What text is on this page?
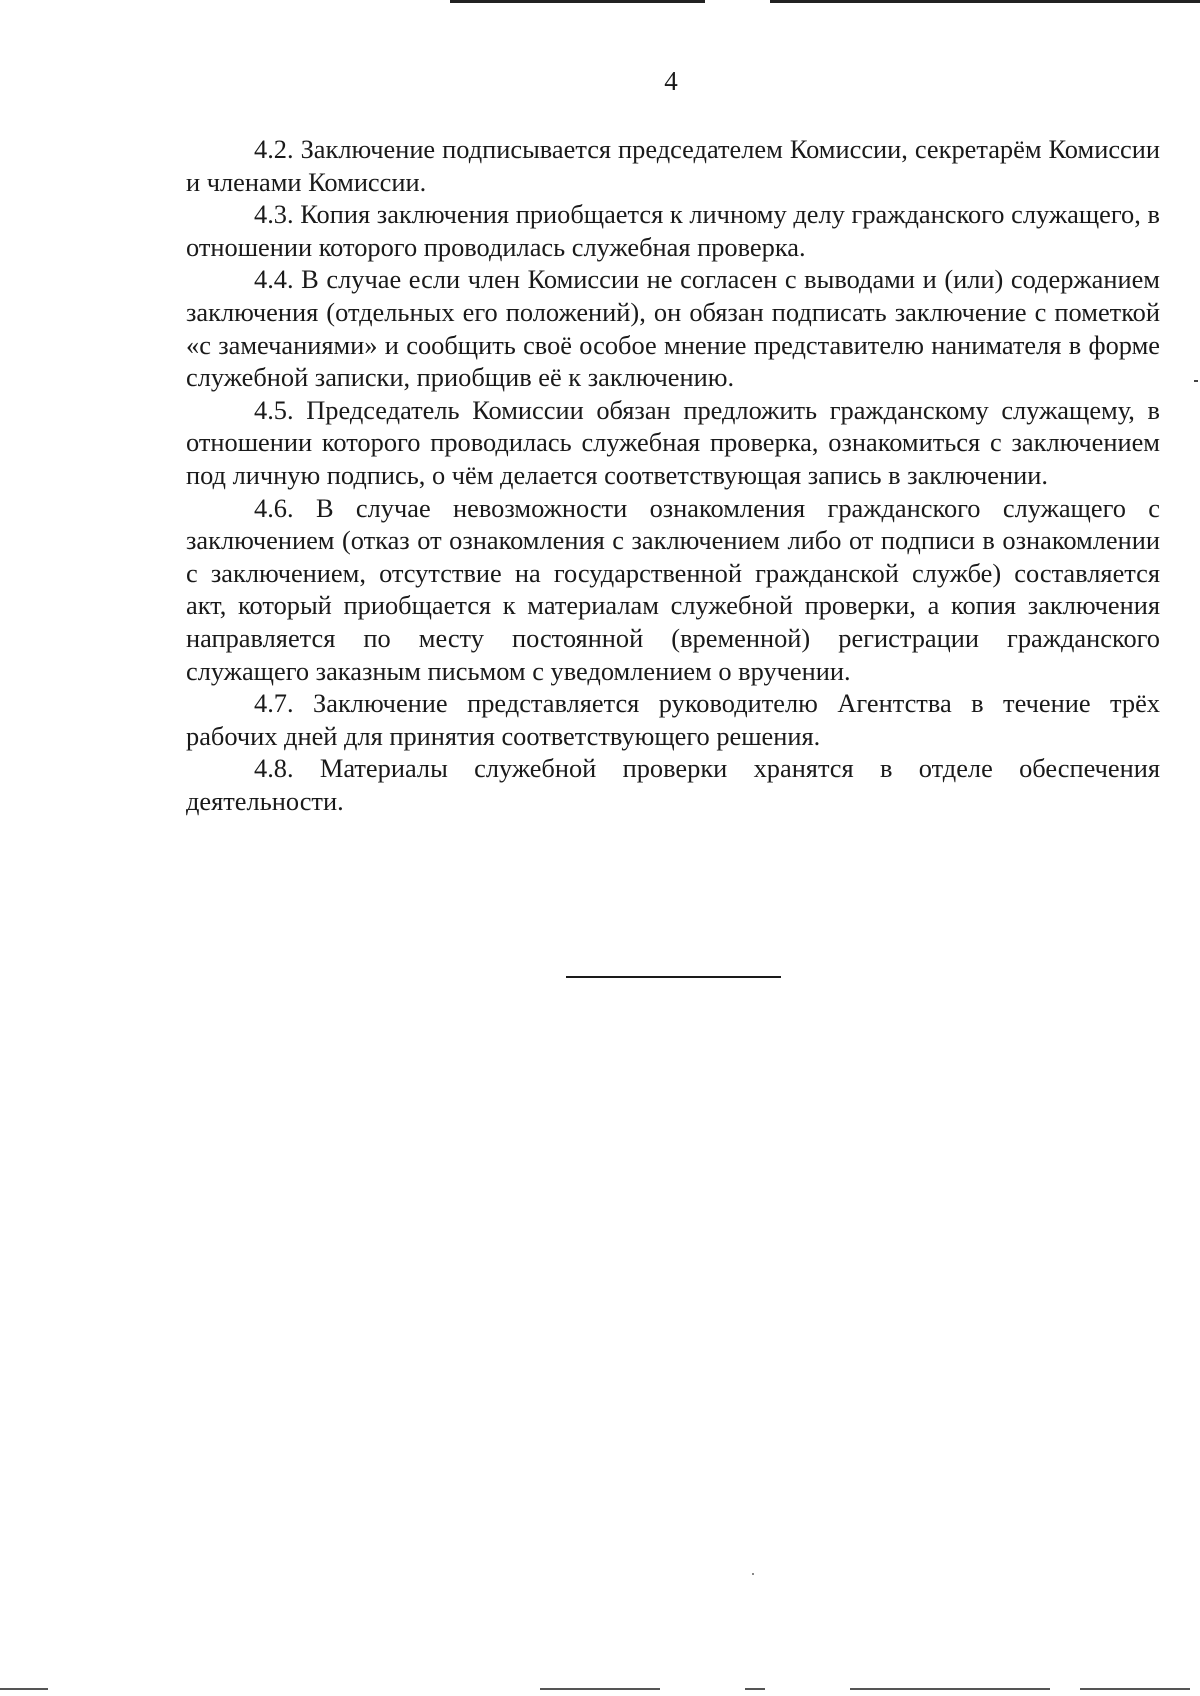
4

4.2. Заключение подписывается председателем Комиссии, секретарём Комиссии и членами Комиссии.

4.3. Копия заключения приобщается к личному делу гражданского служащего, в отношении которого проводилась служебная проверка.

4.4. В случае если член Комиссии не согласен с выводами и (или) содержанием заключения (отдельных его положений), он обязан подписать заключение с пометкой «с замечаниями» и сообщить своё особое мнение представителю нанимателя в форме служебной записки, приобщив её к заключению.

4.5. Председатель Комиссии обязан предложить гражданскому служащему, в отношении которого проводилась служебная проверка, ознакомиться с заключением под личную подпись, о чём делается соответствующая запись в заключении.

4.6. В случае невозможности ознакомления гражданского служащего с заключением (отказ от ознакомления с заключением либо от подписи в ознакомлении с заключением, отсутствие на государственной гражданской службе) составляется акт, который приобщается к материалам служебной проверки, а копия заключения направляется по месту постоянной (временной) регистрации гражданского служащего заказным письмом с уведомлением о вручении.

4.7. Заключение представляется руководителю Агентства в течение трёх рабочих дней для принятия соответствующего решения.

4.8. Материалы служебной проверки хранятся в отделе обеспечения деятельности.
